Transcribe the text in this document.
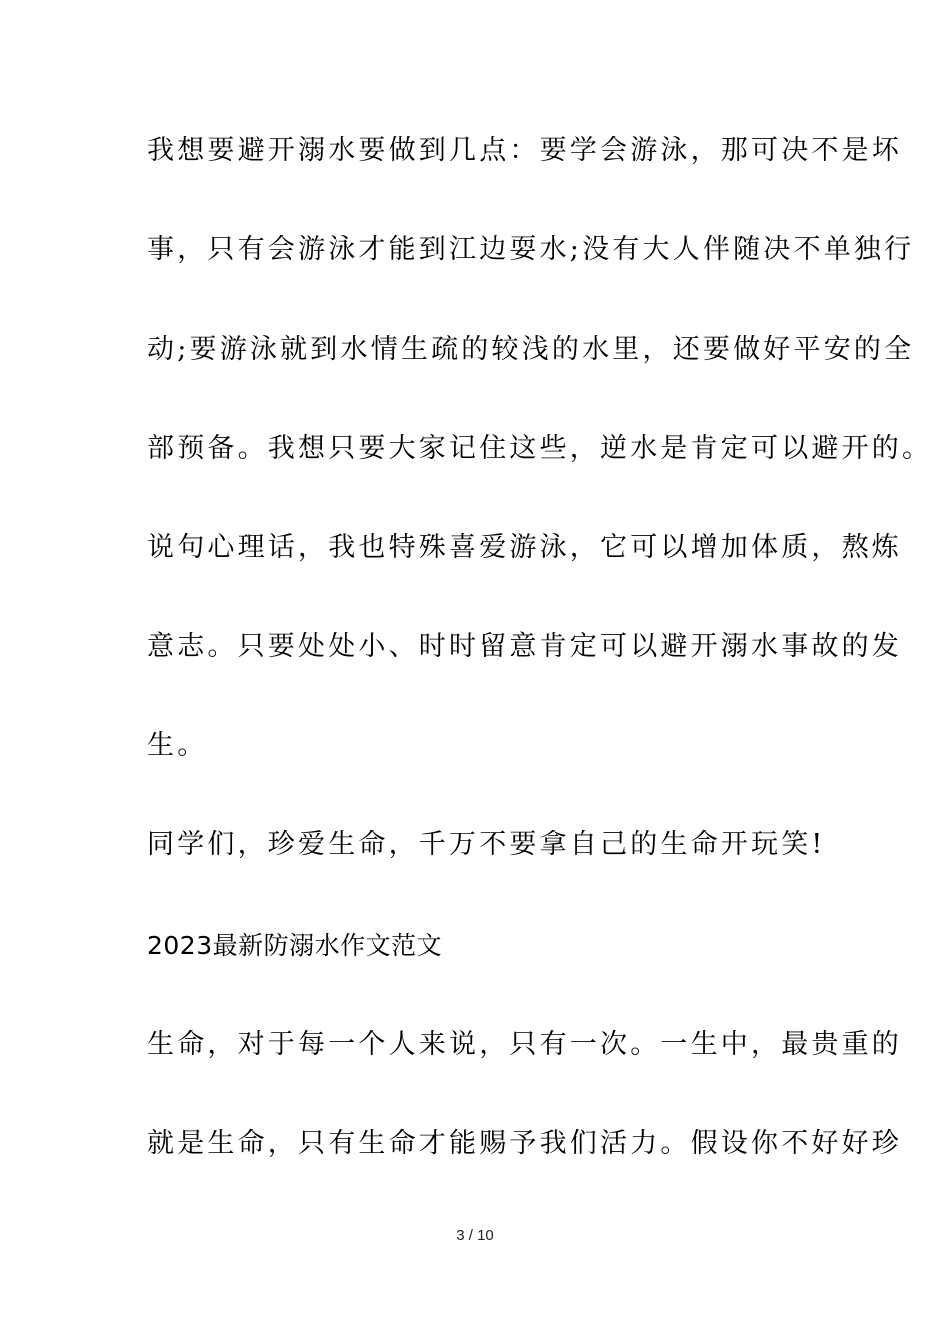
我想要避开溺水要做到几点：要学会游泳，那可决不是坏
事，只有会游泳才能到江边耍水;没有大人伴随决不单独行
动;要游泳就到水情生疏的较浅的水里，还要做好平安的全
部预备。我想只要大家记住这些，逆水是肯定可以避开的。
说句心理话，我也特殊喜爱游泳，它可以增加体质，熬炼
意志。只要处处小、时时留意肯定可以避开溺水事故的发
生。
同学们，珍爱生命，千万不要拿自己的生命开玩笑!
2023最新防溺水作文范文
生命，对于每一个人来说，只有一次。一生中，最贵重的
就是生命，只有生命才能赐予我们活力。假设你不好好珍
3 / 10
